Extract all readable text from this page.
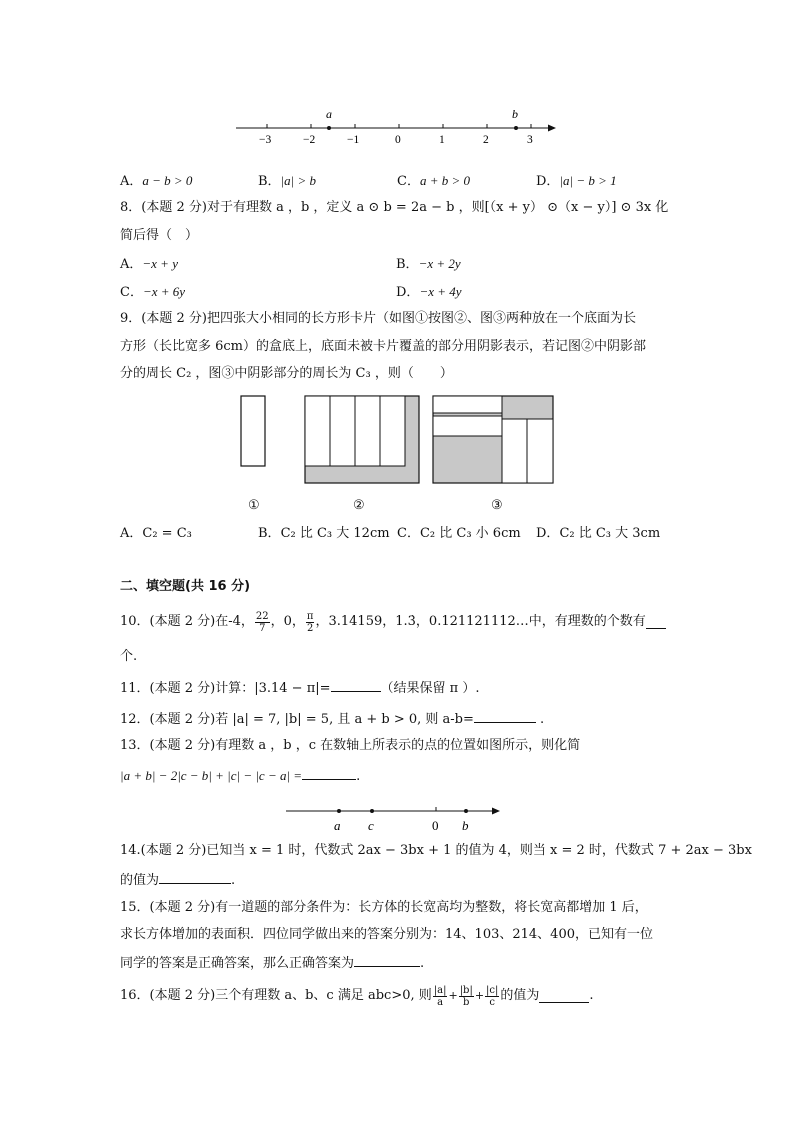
a	b
−3	−2	−1	0	1	2	3
A．a − b > 0	B．|a| > b	C．a + b > 0	D．|a| − b > 1
8．(本题 2 分)对于有理数 a ，b ，定义 a ⊙ b = 2a − b ，则[（x + y） ⊙（x − y）] ⊙ 3x 化
简后得（　）
A．−x + y	B．−x + 2y
C．−x + 6y	D．−x + 4y
9．(本题 2 分)把四张大小相同的长方形卡片（如图①按图②、图③两种放在一个底面为长
方形（长比宽多 6cm）的盒底上，底面未被卡片覆盖的部分用阴影表示，若记图②中阴影部
分的周长 C₂ ，图③中阴影部分的周长为 C₃ ，则（　　）
①	②	③
A．C₂ = C₃	B．C₂ 比 C₃ 大 12cm C．C₂ 比 C₃ 小 6cm D．C₂ 比 C₃ 大 3cm
二、填空题(共 16 分)
10．(本题 2 分)在-4， $\frac{22}{7}$ ，0， $\frac{\pi}{2}$ ，3.14159，1.3̇，0.121121112…中，有理数的个数有
个.
11．(本题 2 分)计算：|3.14 − π|=	（结果保留 π ）.
12．(本题 2 分)若 |a| = 7, |b| = 5, 且 a + b > 0, 则 a-b=	.
13．(本题 2 分)有理数 a ，b ，c 在数轴上所表示的点的位置如图所示，则化简
|a + b| − 2|c − b| + |c| − |c − a| =	.
a c	0 b
14.(本题 2 分)已知当 x = 1 时，代数式 2ax − 3bx + 1 的值为 4，则当 x = 2 时，代数式 7 + 2ax − 3bx
的值为	.
15．(本题 2 分)有一道题的部分条件为：长方体的长宽高均为整数，将长宽高都增加 1 后，
求长方体增加的表面积．四位同学做出来的答案分别为：14、103、214、400，已知有一位
同学的答案是正确答案，那么正确答案为	.
16．(本题 2 分)三个有理数 a、b、c 满足 abc>0, 则 $\frac{|a|}{a} + \frac{|b|}{b} + \frac{|c|}{c}$ 的值为	.
